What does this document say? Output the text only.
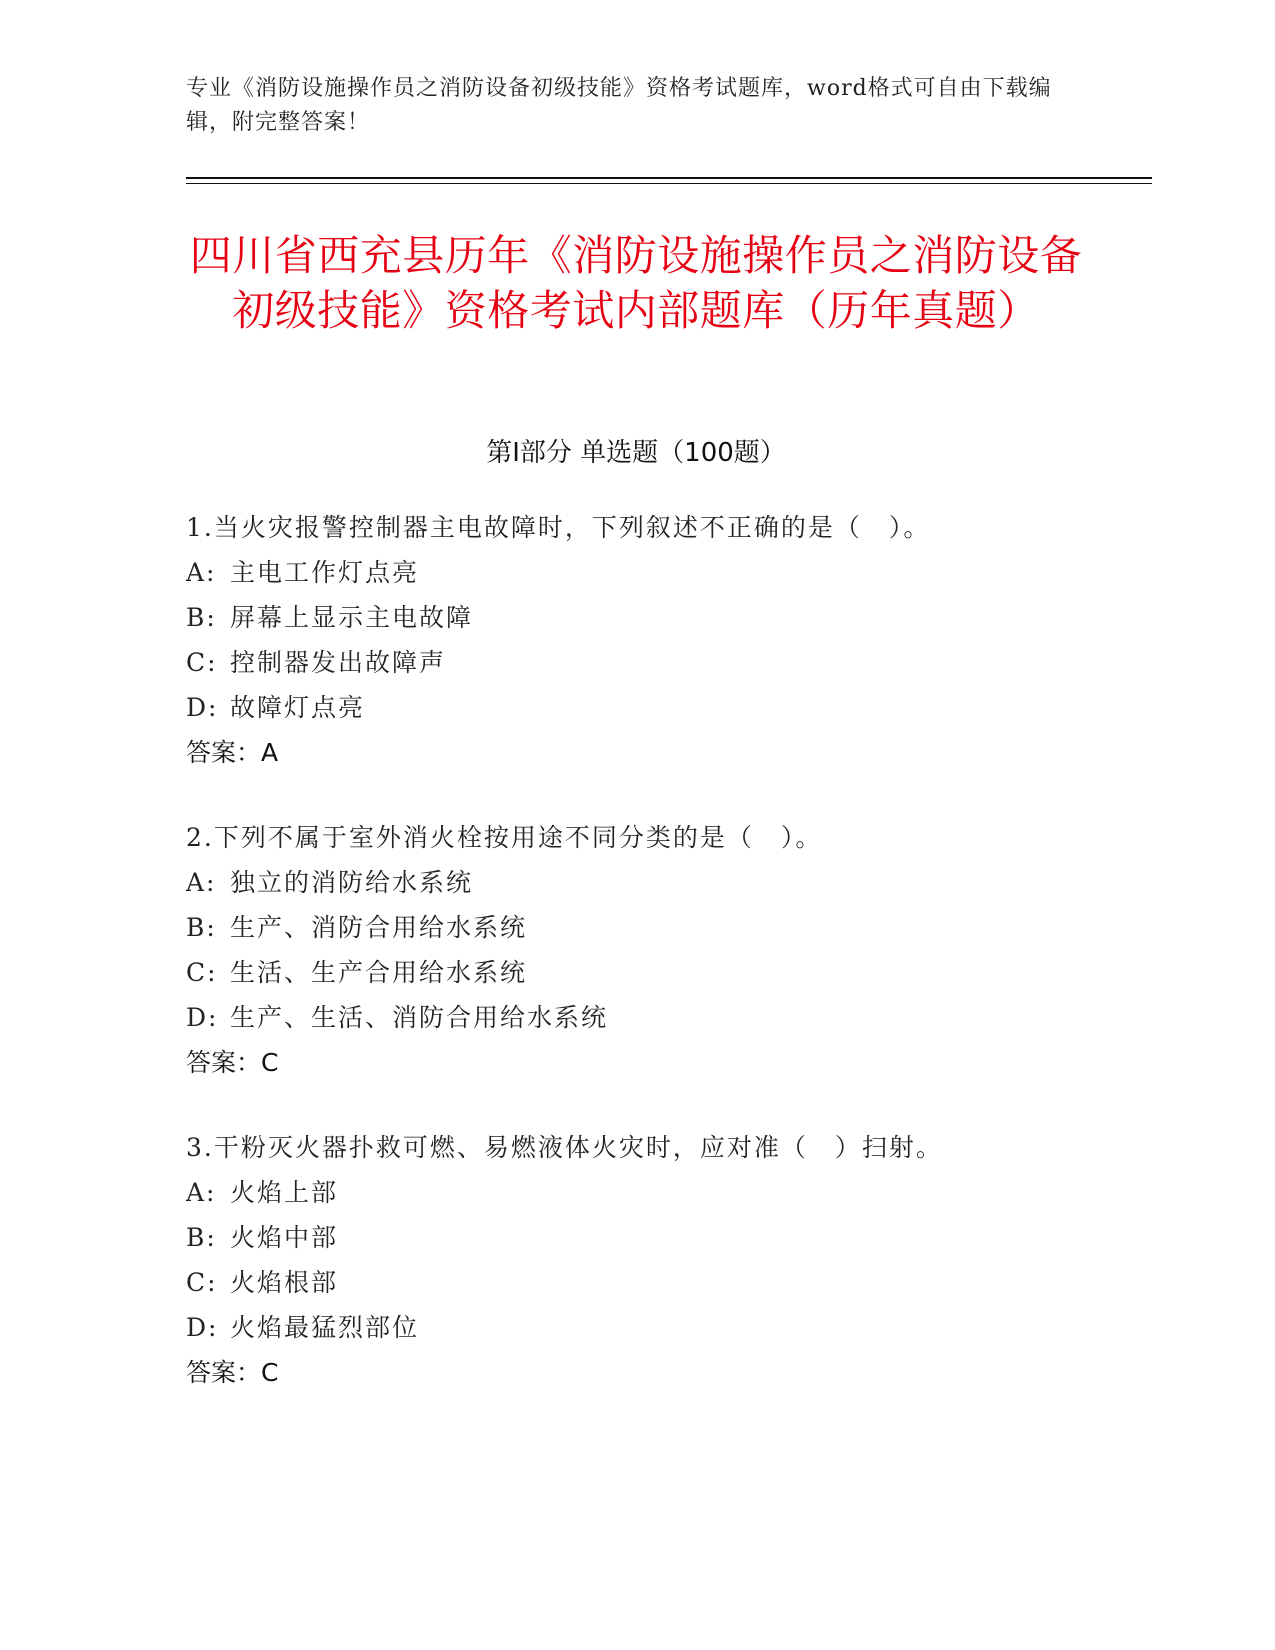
专业《消防设施操作员之消防设备初级技能》资格考试题库，word格式可自由下载编辑，附完整答案！
四川省西充县历年《消防设施操作员之消防设备初级技能》资格考试内部题库（历年真题）
第Ⅰ部分 单选题（100题）
1.当火灾报警控制器主电故障时，下列叙述不正确的是（　）。
A: 主电工作灯点亮
B: 屏幕上显示主电故障
C: 控制器发出故障声
D: 故障灯点亮
答案：A
2.下列不属于室外消火栓按用途不同分类的是（　）。
A: 独立的消防给水系统
B: 生产、消防合用给水系统
C: 生活、生产合用给水系统
D: 生产、生活、消防合用给水系统
答案：C
3.干粉灭火器扑救可燃、易燃液体火灾时，应对准（　）扫射。
A: 火焰上部
B: 火焰中部
C: 火焰根部
D: 火焰最猛烈部位
答案：C
